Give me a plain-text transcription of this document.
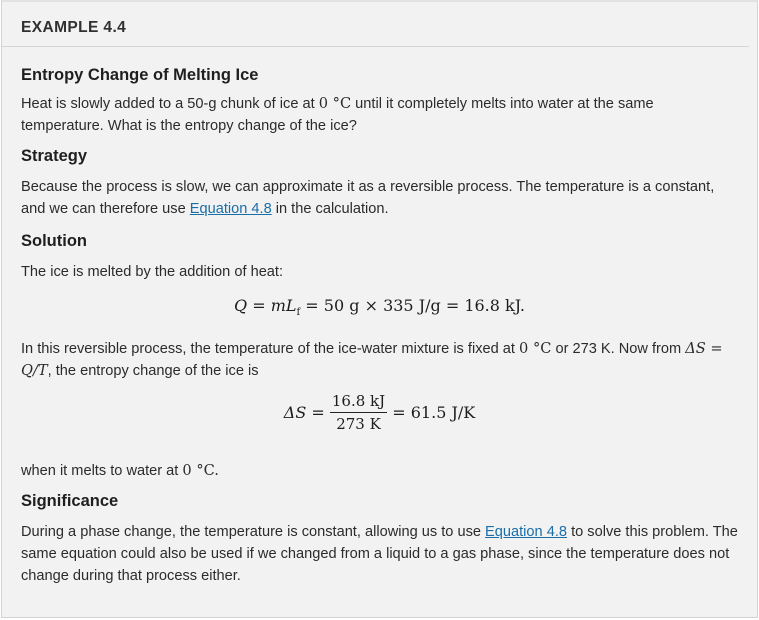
EXAMPLE 4.4
Entropy Change of Melting Ice

Heat is slowly added to a 50-g chunk of ice at 0 °C until it completely melts into water at the same temperature. What is the entropy change of the ice?

Strategy

Because the process is slow, we can approximate it as a reversible process. The temperature is a constant, and we can therefore use Equation 4.8 in the calculation.

Solution

The ice is melted by the addition of heat:

$Q = mL_f = 50$ g × 335 J/g = 16.8 kJ.

In this reversible process, the temperature of the ice-water mixture is fixed at 0 °C or 273 K. Now from ΔS = Q/T, the entropy change of the ice is

$\Delta S = \frac{16.8 kJ}{273 K} = 61.5$ J/K

when it melts to water at 0 °C.

Significance

During a phase change, the temperature is constant, allowing us to use Equation 4.8 to solve this problem. The same equation could also be used if we changed from a liquid to a gas phase, since the temperature does not change during that process either.
